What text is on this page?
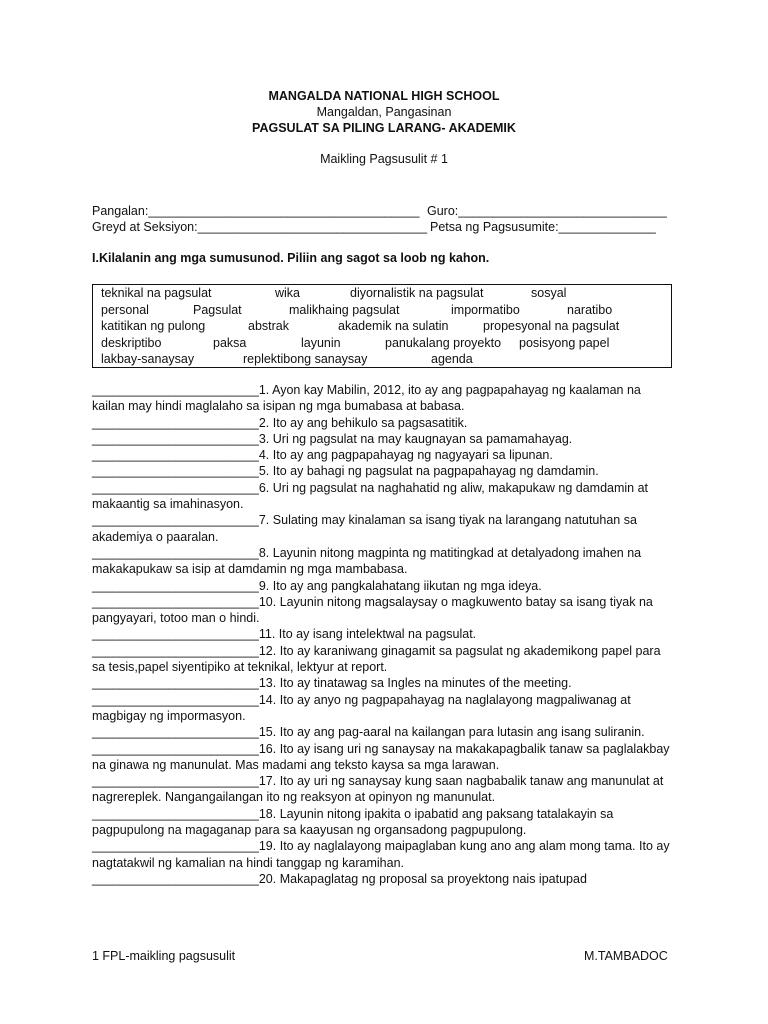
MANGALDA NATIONAL HIGH SCHOOL
Mangaldan, Pangasinan
PAGSULAT SA PILING LARANG- AKADEMIK
Maikling Pagsusulit # 1
Pangalan:_______________________________________ Guro:______________________________
Greyd at Seksiyon:_________________________________ Petsa ng Pagsusumite:______________
I.Kilalanin ang mga sumusunod. Piliin ang sagot sa loob ng kahon.
teknikal na pagsulat	wika	diyornalistik na pagsulat	sosyal
personal	Pagsulat	malikhaing pagsulat	impormatibo	naratibo
katitikan ng pulong	abstrak	akademik na sulatin	propesyonal na pagsulat
deskriptibo	paksa	layunin	panukalang proyekto posisyong papel
lakbay-sanaysay	replektibong sanaysay	agenda
________________________1. Ayon kay Mabilin, 2012, ito ay ang pagpapahayag ng kaalaman na
kailan may hindi maglalaho sa isipan ng mga bumabasa at babasa.
________________________2. Ito ay ang behikulo sa pagsasatitik.
________________________3. Uri ng pagsulat na may kaugnayan sa pamamahayag.
________________________4. Ito ay ang pagpapahayag ng nagyayari sa lipunan.
________________________5. Ito ay bahagi ng pagsulat na pagpapahayag ng damdamin.
________________________6. Uri ng pagsulat na naghahatid ng aliw, makapukaw ng damdamin at
makaantig sa imahinasyon.
________________________7. Sulating may kinalaman sa isang tiyak na larangang natutuhan sa
akademiya o paaralan.
________________________8. Layunin nitong magpinta ng matitingkad at detalyadong imahen na
makakapukaw sa isip at damdamin ng mga mambabasa.
________________________9. Ito ay ang pangkalahatang iikutan ng mga ideya.
________________________10. Layunin nitong magsalaysay o magkuwento batay sa isang tiyak na
pangyayari, totoo man o hindi.
________________________11. Ito ay isang intelektwal na pagsulat.
________________________12. Ito ay karaniwang ginagamit sa pagsulat ng akademikong papel para
sa tesis,papel siyentipiko at teknikal, lektyur at report.
________________________13. Ito ay tinatawag sa Ingles na minutes of the meeting.
________________________14. Ito ay anyo ng pagpapahayag na naglalayong magpaliwanag at
magbigay ng impormasyon.
________________________15. Ito ay ang pag-aaral na kailangan para lutasin ang isang suliranin.
________________________16. Ito ay isang uri ng sanaysay na makakapagbalik tanaw sa paglalakbay
na ginawa ng manunulat. Mas madami ang teksto kaysa sa mga larawan.
________________________17. Ito ay uri ng sanaysay kung saan nagbabalik tanaw ang manunulat at
nagrereplek. Nangangailangan ito ng reaksyon at opinyon ng manunulat.
________________________18. Layunin nitong ipakita o ipabatid ang paksang tatalakayin sa
pagpupulong na magaganap para sa kaayusan ng organsadong pagpupulong.
________________________19. Ito ay naglalayong maipaglaban kung ano ang alam mong tama. Ito ay
nagtatakwil ng kamalian na hindi tanggap ng karamihan.
________________________20. Makapaglatag ng proposal sa proyektong nais ipatupad
1 FPL-maikling pagsusulit	M.TAMBADOC
